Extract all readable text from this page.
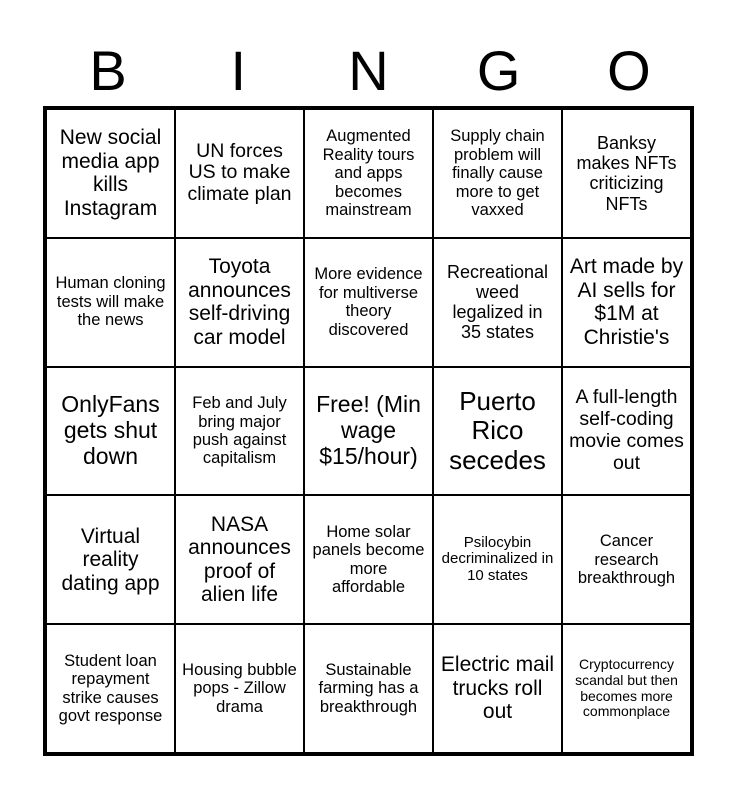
B	I	N	G	O
New social media app kills Instagram
UN forces US to make climate plan
Augmented Reality tours and apps becomes mainstream
Supply chain problem will finally cause more to get vaxxed
Banksy makes NFTs criticizing NFTs
Human cloning tests will make the news
Toyota announces self-driving car model
More evidence for multiverse theory discovered
Recreational weed legalized in 35 states
Art made by AI sells for $1M at Christie's
OnlyFans gets shut down
Feb and July bring major push against capitalism
Free! (Min wage $15/hour)
Puerto Rico secedes
A full-length self-coding movie comes out
Virtual reality dating app
NASA announces proof of alien life
Home solar panels become more affordable
Psilocybin decriminalized in 10 states
Cancer research breakthrough
Student loan repayment strike causes govt response
Housing bubble pops - Zillow drama
Sustainable farming has a breakthrough
Electric mail trucks roll out
Cryptocurrency scandal but then becomes more commonplace
